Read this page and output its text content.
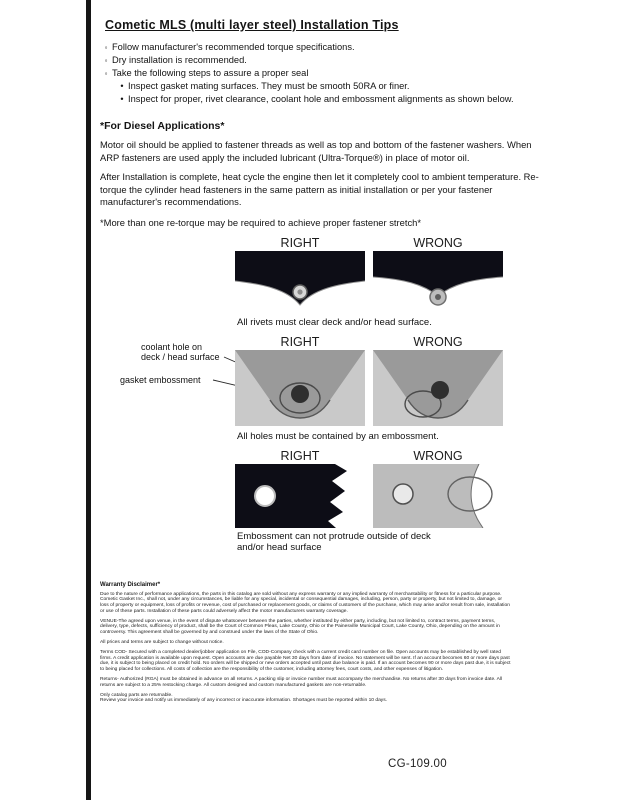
Cometic MLS (multi layer steel) Installation Tips
◦ Follow manufacturer's recommended torque specifications.
◦ Dry installation is recommended.
◦ Take the following steps to assure a proper seal
• Inspect gasket mating surfaces. They must be smooth 50RA or finer.
• Inspect for proper, rivet clearance, coolant hole and embossment alignments as shown below.
*For Diesel Applications*

Motor oil should be applied to fastener threads as well as top and bottom of the fastener washers. When ARP fasteners are used apply the included lubricant (Ultra-Torque®) in place of motor oil.

After Installation is complete, heat cycle the engine then let it completely cool to ambient temperature. Re-torque the cylinder head fasteners in the same pattern as initial installation or per your fastener manufacturer's recommendations.

*More than one re-torque may be required to achieve proper fastener stretch*

RIGHT	WRONG
All rivets must clear deck and/or head surface.
RIGHT	WRONG
coolant hole on
deck / head surface
gasket embossment
All holes must be contained by an embossment.
RIGHT	WRONG
Embossment can not protrude outside of deck
and/or head surface
Warranty Disclaimer*

Due to the nature of performance applications, the parts in this catalog are sold without any express warranty or any implied warranty of merchantability or fitness for a particular purpose. Cometic Gasket Inc., shall not, under any circumstances, be liable for any special, incidental or consequential damages, including, person, party or property, but not limited to, damage, or loss of property or equipment, loss of profits or revenue, cost of purchased or replacement goods, or claims of customers of the purchase, which may arise and/or result from sale, installation or use of these parts. Installation of these parts could adversely affect the motor manufacturers warranty coverage.

VENUE-The agreed upon venue, in the event of dispute whatsoever between the parties, whether instituted by either party, including, but not limited to, contract terms, payment terms, delivery, type, defects, sufficiency of product, shall be the Court of Common Pleas, Lake County, Ohio or the Painesville Municipal Court, Lake County, Ohio, depending on the amount in controversy. This agreement shall be governed by and construed under the laws of the State of Ohio.

All prices and terms are subject to change without notice.

Terms COD- Secured with a completed dealer/jobber application on File, COD-Company check with a current credit card number on file. Open accounts may be established by well rated firms. A credit application is available upon request. Open accounts are due payable Net 30 days from date of invoice. No statement will be sent. If an account becomes 60 or more days past due, it is subject to being placed on credit hold. No orders will be shipped or new orders accepted until past due balance is paid. If an account becomes 90 or more days past due, it is subject to being placed for collections. All costs of collection are the responsibility of the customer, including attorney fees, court costs, and other expenses of litigation.

Returns- Authorized (RGA) must be obtained in advance on all returns. A packing slip or invoice number must accompany the merchandise. No returns after 30 days from invoice date. All returns are subject to a 25% restocking charge. All custom designed and custom manufactured gaskets are non-returnable.

Only catalog parts are returnable.

Review your invoice and notify us immediately of any incorrect or inaccurate information. Shortages must be reported within 10 days.

CG-109.00
